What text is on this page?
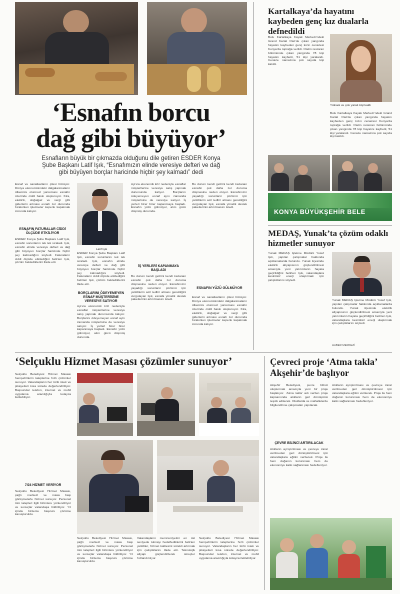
‘Esnafın borcu
dağ gibi büyüyor’
Esnafların büyük bir çıkmazda olduğunu dile getiren ESDER Konya
Şube Başkanı Latif Işık, “Esnafımızın elinde veresiye defteri ve dağ
gibi büyüyen borçlar haricinde hiçbir şey kalmadı” dedi
Esnaf ve sanatkarların çilesi bitmiyor. Dünya ekonomisindeki dalgalanmaların ülkemize olumsuz yansıması esnafın üzerinde ciddi baskı oluşturuyor. Kira, elektrik, doğalgaz ve vergi gibi giderlerin artması esnafı zor durumda bırakırken işletmeler kepenk kapatmak zorunda kalıyor.
ESNAFIN FATURALAR CİDDİ ÖLÇÜDE ETKİLİYOR
ESDER Konya Şube Başkanı Latif Işık, esnafın sorunlarını tek tek sıraladı. Işık, esnafın elinde veresiye defteri ve dağ gibi büyüyen borçlar haricinde hiçbir şey kalmadığını söyledi. Faturaların ciddi ölçüde etkilediğini belirten Işık, çözüm beklediklerini ifade etti.
Latif Işık
ESDER Konya Şube Başkanı Latif Işık, esnafın sorunlarını tek tek sıraladı. Işık, esnafın elinde veresiye defteri ve dağ gibi büyüyen borçlar haricinde hiçbir şey kalmadığını söyledi. Faturaların ciddi ölçüde etkilediğini belirten Işık, çözüm beklediklerini ifade etti.
BORÇLARINI ÖDEYEMEYEN ESNAF MÜŞTERİSİNE VERESİYE SATIYOR
Ayrıca ekonomik kriz nedeniyle esnaflar müşterilerine veresiye satış yapmak durumunda kalıyor. Borçlarını ödeyemeyen esnaf aynı zamanda müşterisine de veresiye satıyor. İş yerleri birer birer kapanmaya başladı. Esnafın yüzü gülmüyor, alım gücü düşmüş durumda.
Ayrıca ekonomik kriz nedeniyle esnaflar müşterilerine veresiye satış yapmak durumunda kalıyor. Borçlarını ödeyemeyen esnaf aynı zamanda müşterisine de veresiye satıyor. İş yerleri birer birer kapanmaya başladı. Esnafın yüzü gülmüyor, alım gücü düşmüş durumda.
İŞ YERLERİ KAPANMAYA BAŞLADI
Bu durum kendi gelirini kendi kazanan esnafın çok daha zor duruma düşmesine neden oluyor. Esnafımızın yaşadığı sorunların çözümü için yetkililerin acil tedbir alması gerektiğini vurgulayan Işık, esnafa yönelik destek paketlerinin artırılmasını istedi.
Bu durum kendi gelirini kendi kazanan esnafın çok daha zor duruma düşmesine neden oluyor. Esnafımızın yaşadığı sorunların çözümü için yetkililerin acil tedbir alması gerektiğini vurgulayan Işık, esnafa yönelik destek paketlerinin artırılmasını istedi.
ESNAFIN YÜZÜ GÜLMÜYOR
Esnaf ve sanatkarların çilesi bitmiyor. Dünya ekonomisindeki dalgalanmaların ülkemize olumsuz yansıması esnafın üzerinde ciddi baskı oluşturuyor. Kira, elektrik, doğalgaz ve vergi gibi giderlerin artması esnafı zor durumda bırakırken işletmeler kepenk kapatmak zorunda kalıyor.
Kartalkaya’da hayatını kaybeden genç kız dualarla defnedildi
Bolu Kartalkaya Kayak Merkezi’ndeki Grand Kartal Otel’de çıkan yangında hayatını kaybeden genç kızın cenazesi Konya’da toprağa verildi. Otelin restoran bölümünde çıkan yangında 78 kişi hayatını kaybetti, 51 kişi yaralandı. Cenaze namazına çok sayıda kişi katıldı.
Yüksek ve çok yaralı kişi kaldı
Bolu Kartalkaya Kayak Merkezi’ndeki Grand Kartal Otel’de çıkan yangında hayatını kaybeden genç kızın cenazesi Konya’da toprağa verildi. Otelin restoran bölümünde çıkan yangında 78 kişi hayatını kaybetti, 51 kişi yaralandı. Cenaze namazına çok sayıda kişi katıldı.
KONYA BÜYÜKŞEHİR BELE
MEDAŞ, Yunak’ta çözüm odaklı hizmetler sunuyor
Yunak MEDAŞ İşletme Müdürü Yusuf Işık, yapılan çalışmalar hakkında açıklamalarda bulundu. Yunak ilçesinde elektrik altyapısının güçlendirilmesi amacıyla yeni yatırımların hayata geçirildiğini belirten Işık, vatandaşlara kesintisiz enerji ulaştırmak için çalıştıklarını söyledi.
Yunak MEDAŞ İşletme Müdürü Yusuf Işık, yapılan çalışmalar hakkında açıklamalarda bulundu. Yunak ilçesinde elektrik altyapısının güçlendirilmesi amacıyla yeni yatırımların hayata geçirildiğini belirten Işık, vatandaşlara kesintisiz enerji ulaştırmak için çalıştıklarını söyledi.
HABER MERKEZİ
‘Selçuklu Hizmet Masası çözümler sunuyor’
Selçuklu Belediyesi Hizmet Masası hemşehrilerin taleplerine hızlı çözümler sunuyor. Vatandaşların her türlü istek ve şikayetleri kısa sürede değerlendiriliyor. Başvurular telefon, internet ve mobil uygulama aracılığıyla kolayca iletilebiliyor.
7/24 HİZMET VERİYOR
Selçuklu Belediyesi Hizmet Masası, çağrı merkezi ve masa başı görüşmelerle hizmet sunuyor. Personel tüm talepleri ilgili birimlere yönlendiriyor ve sonuçlar vatandaşa bildiriliyor. Yıl içinde binlerce başvuru çözüme kavuşturuldu.
Selçuklu Belediyesi Hizmet Masası, çağrı merkezi ve masa başı görüşmelerle hizmet sunuyor. Personel tüm talepleri ilgili birimlere yönlendiriyor ve sonuçlar vatandaşa bildiriliyor. Yıl içinde binlerce başvuru çözüme kavuşturuldu.
Vatandaşların memnuniyetini en üst seviyede tutmayı hedeflediklerini belirten yetkililer, hizmet kalitesini sürekli artırmak için çalıştıklarını ifade etti. Teknolojik altyapı güçlendirilerek süreçler hızlandırılıyor.
Selçuklu Belediyesi Hizmet Masası hemşehrilerin taleplerine hızlı çözümler sunuyor. Vatandaşların her türlü istek ve şikayetleri kısa sürede değerlendiriliyor. Başvurular telefon, internet ve mobil uygulama aracılığıyla kolayca iletilebiliyor.
Çevreci proje ‘Atma takla’
Akşehir’de başlıyor
Akşehir Belediyesi, çevre bilinci oluşturmak amacıyla yeni bir proje başlatıyor. ‘Atma takla’ adı verilen proje kapsamında atıkların geri dönüşümü teşvik edilecek. Okullarda ve mahallelerde bilgilendirme çalışmaları yapılacak.
ÇEVRE BİLİNCİ ARTIRILACAK
Atıkların ayrıştırılması ve çevreye zarar verilmeden geri dönüştürülmesi için vatandaşlara eğitim verilecek. Proje ile hem doğanın korunması hem de ekonomiye katkı sağlanması hedefleniyor.
Atıkların ayrıştırılması ve çevreye zarar verilmeden geri dönüştürülmesi için vatandaşlara eğitim verilecek. Proje ile hem doğanın korunması hem de ekonomiye katkı sağlanması hedefleniyor.
